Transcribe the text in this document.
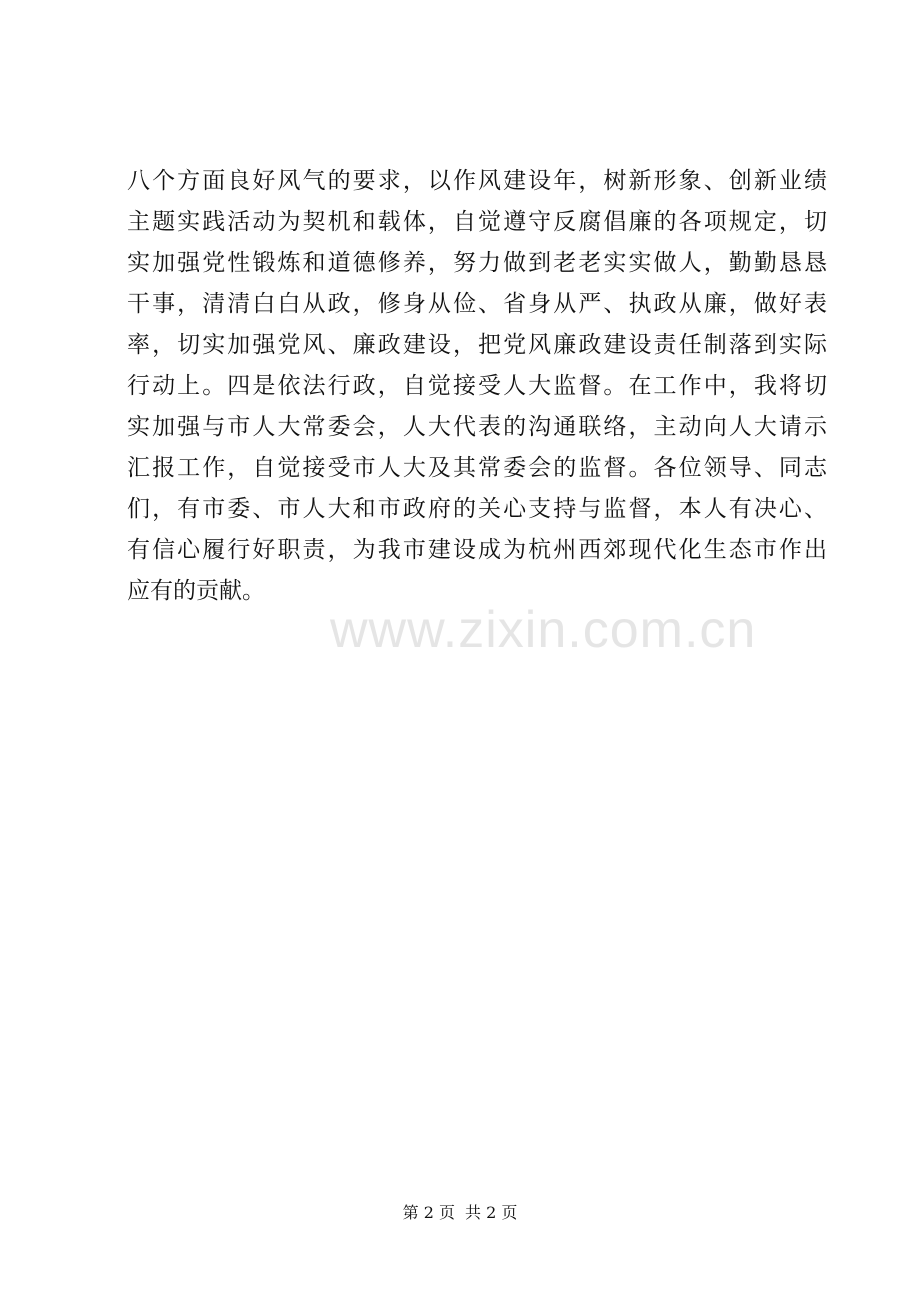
八个方面良好风气的要求，以作风建设年，树新形象、创新业绩
主题实践活动为契机和载体，自觉遵守反腐倡廉的各项规定，切
实加强党性锻炼和道德修养，努力做到老老实实做人，勤勤恳恳
干事，清清白白从政，修身从俭、省身从严、执政从廉，做好表
率，切实加强党风、廉政建设，把党风廉政建设责任制落到实际
行动上。四是依法行政，自觉接受人大监督。在工作中，我将切
实加强与市人大常委会，人大代表的沟通联络，主动向人大请示
汇报工作，自觉接受市人大及其常委会的监督。各位领导、同志
们，有市委、市人大和市政府的关心支持与监督，本人有决心、
有信心履行好职责，为我市建设成为杭州西郊现代化生态市作出
应有的贡献。
www.zixin.com.cn
第 2 页 共 2 页
